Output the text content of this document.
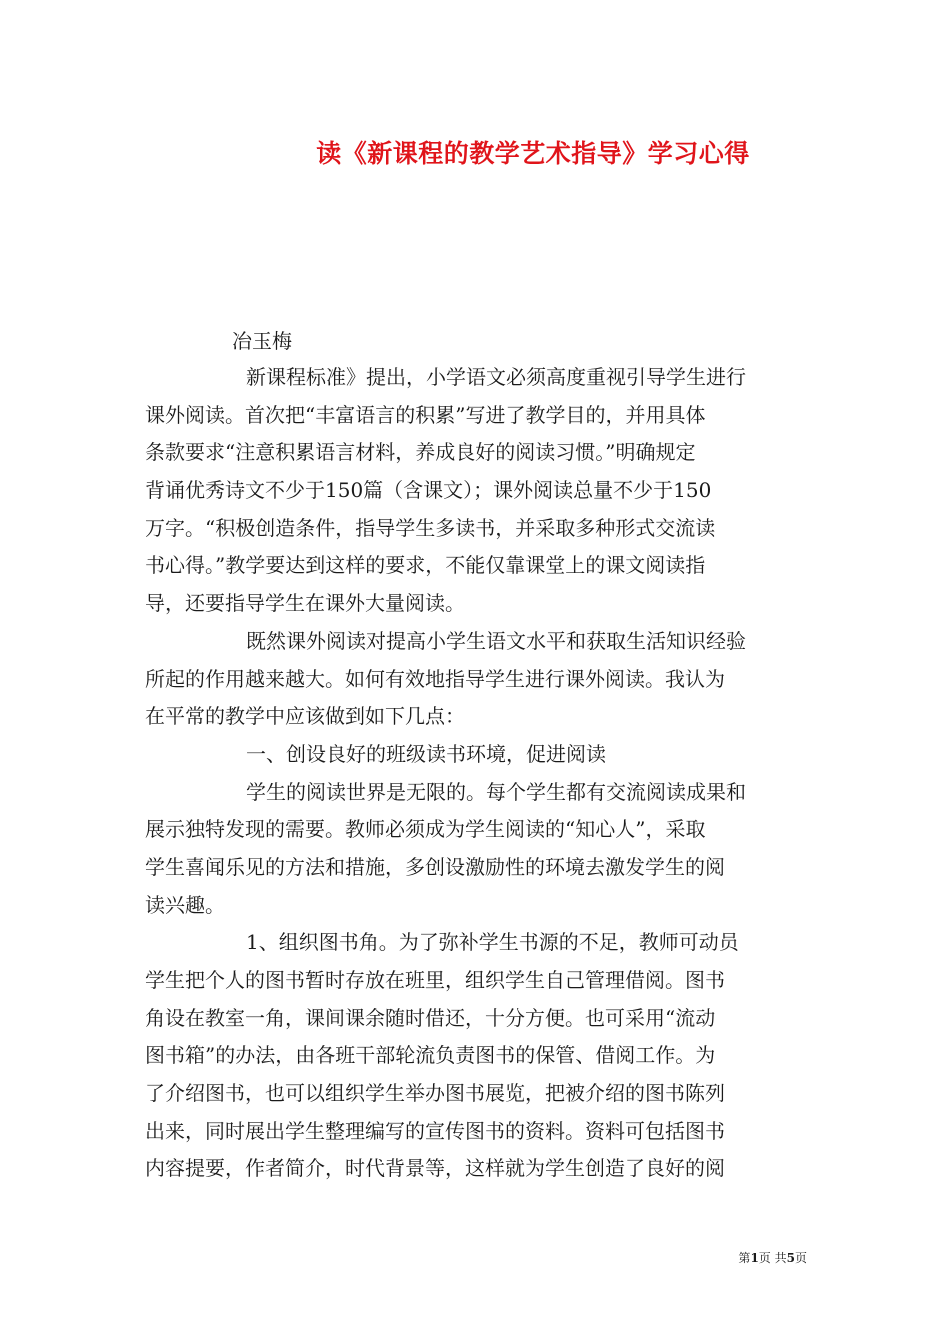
读《新课程的教学艺术指导》学习心得
冶玉梅
新课程标准》提出，小学语文必须高度重视引导学生进行
课外阅读。首次把“丰富语言的积累”写进了教学目的，并用具体
条款要求“注意积累语言材料，养成良好的阅读习惯。”明确规定
背诵优秀诗文不少于150篇（含课文）；课外阅读总量不少于150
万字。“积极创造条件，指导学生多读书，并采取多种形式交流读
书心得。”教学要达到这样的要求，不能仅靠课堂上的课文阅读指
导，还要指导学生在课外大量阅读。
既然课外阅读对提高小学生语文水平和获取生活知识经验
所起的作用越来越大。如何有效地指导学生进行课外阅读。我认为
在平常的教学中应该做到如下几点：
一、创设良好的班级读书环境，促进阅读
学生的阅读世界是无限的。每个学生都有交流阅读成果和
展示独特发现的需要。教师必须成为学生阅读的“知心人”，采取
学生喜闻乐见的方法和措施，多创设激励性的环境去激发学生的阅
读兴趣。
1、组织图书角。为了弥补学生书源的不足，教师可动员
学生把个人的图书暂时存放在班里，组织学生自己管理借阅。图书
角设在教室一角，课间课余随时借还，十分方便。也可采用“流动
图书箱”的办法，由各班干部轮流负责图书的保管、借阅工作。为
了介绍图书，也可以组织学生举办图书展览，把被介绍的图书陈列
出来，同时展出学生整理编写的宣传图书的资料。资料可包括图书
内容提要，作者简介，时代背景等，这样就为学生创造了良好的阅
第1页 共5页
